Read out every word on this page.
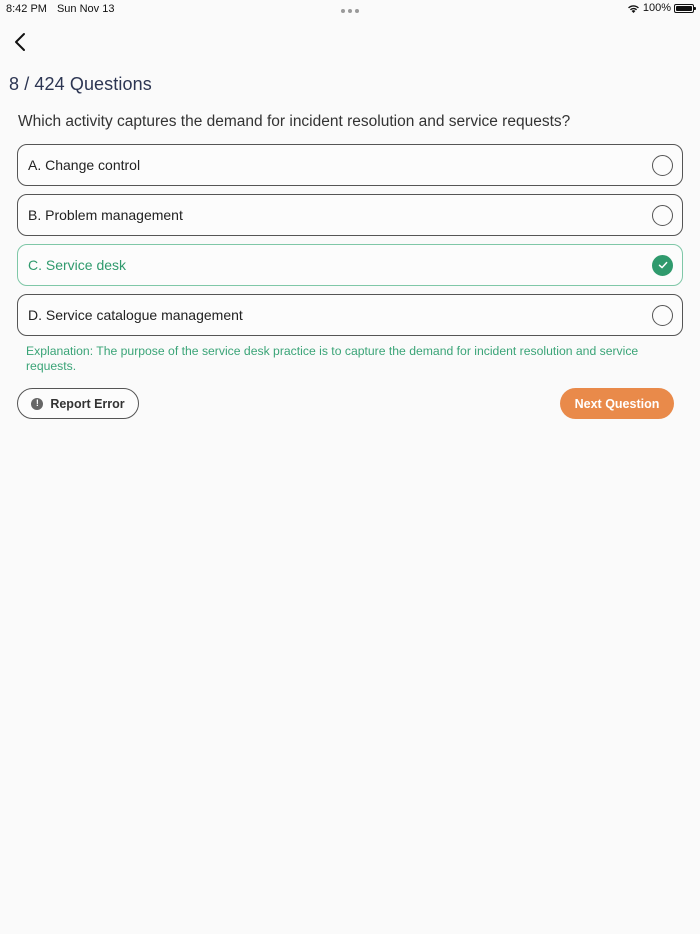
8:42 PM Sun Nov 13	100%
8 / 424 Questions
Which activity captures the demand for incident resolution and service requests?
A. Change control
B. Problem management
C. Service desk
D. Service catalogue management
Explanation: The purpose of the service desk practice is to capture the demand for incident resolution and service requests.
! Report Error	Next Question
